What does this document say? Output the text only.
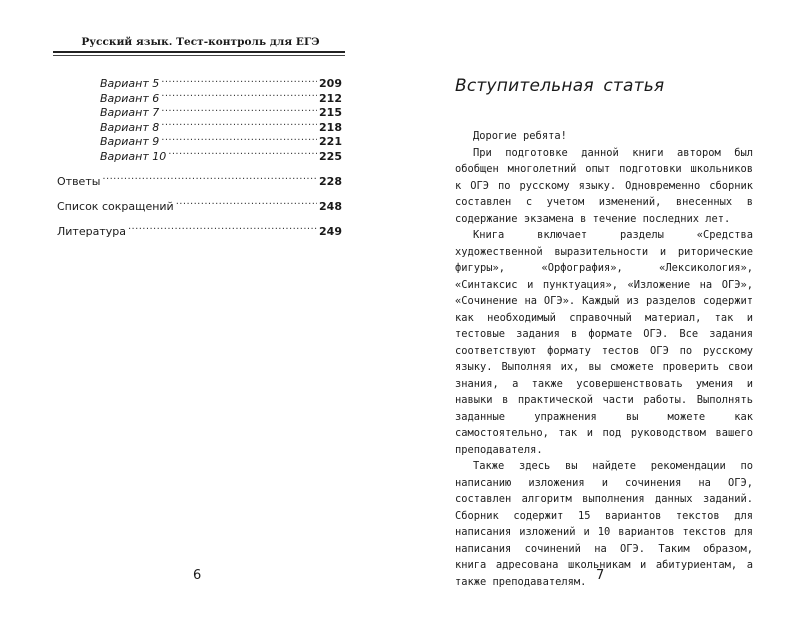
Русский язык. Тест-контроль для ЕГЭ
Вариант 5 .....	209
Вариант 6 .....	212
Вариант 7 .....	215
Вариант 8 .....	218
Вариант 9 .....	221
Вариант 10 .....	225
Ответы .....	228
Список сокращений .....	248
Литература .....	249
6
Вступительная статья

Дорогие ребята!

При подготовке данной книги автором был обобщен многолетний опыт подготовки школьников к ОГЭ по русскому языку. Одновременно сборник составлен с учетом изменений, внесенных в содержание экзамена в течение последних лет.

Книга включает разделы «Средства художественной выразительности и риторические фигуры», «Орфография», «Лексикология», «Синтаксис и пунктуация», «Изложение на ОГЭ», «Сочинение на ОГЭ». Каждый из разделов содержит как необходимый справочный материал, так и тестовые задания в формате ОГЭ. Все задания соответствуют формату тестов ОГЭ по русскому языку. Выполняя их, вы сможете проверить свои знания, а также усовершенствовать умения и навыки в практической части работы. Выполнять заданные упражнения вы можете как самостоятельно, так и под руководством вашего преподавателя.

Также здесь вы найдете рекомендации по написанию изложения и сочинения на ОГЭ, составлен алгоритм выполнения данных заданий. Сборник содержит 15 вариантов текстов для написания изложений и 10 вариантов текстов для написания сочинений на ОГЭ. Таким образом, книга адресована школьникам и абитуриентам, а также преподавателям. 7
